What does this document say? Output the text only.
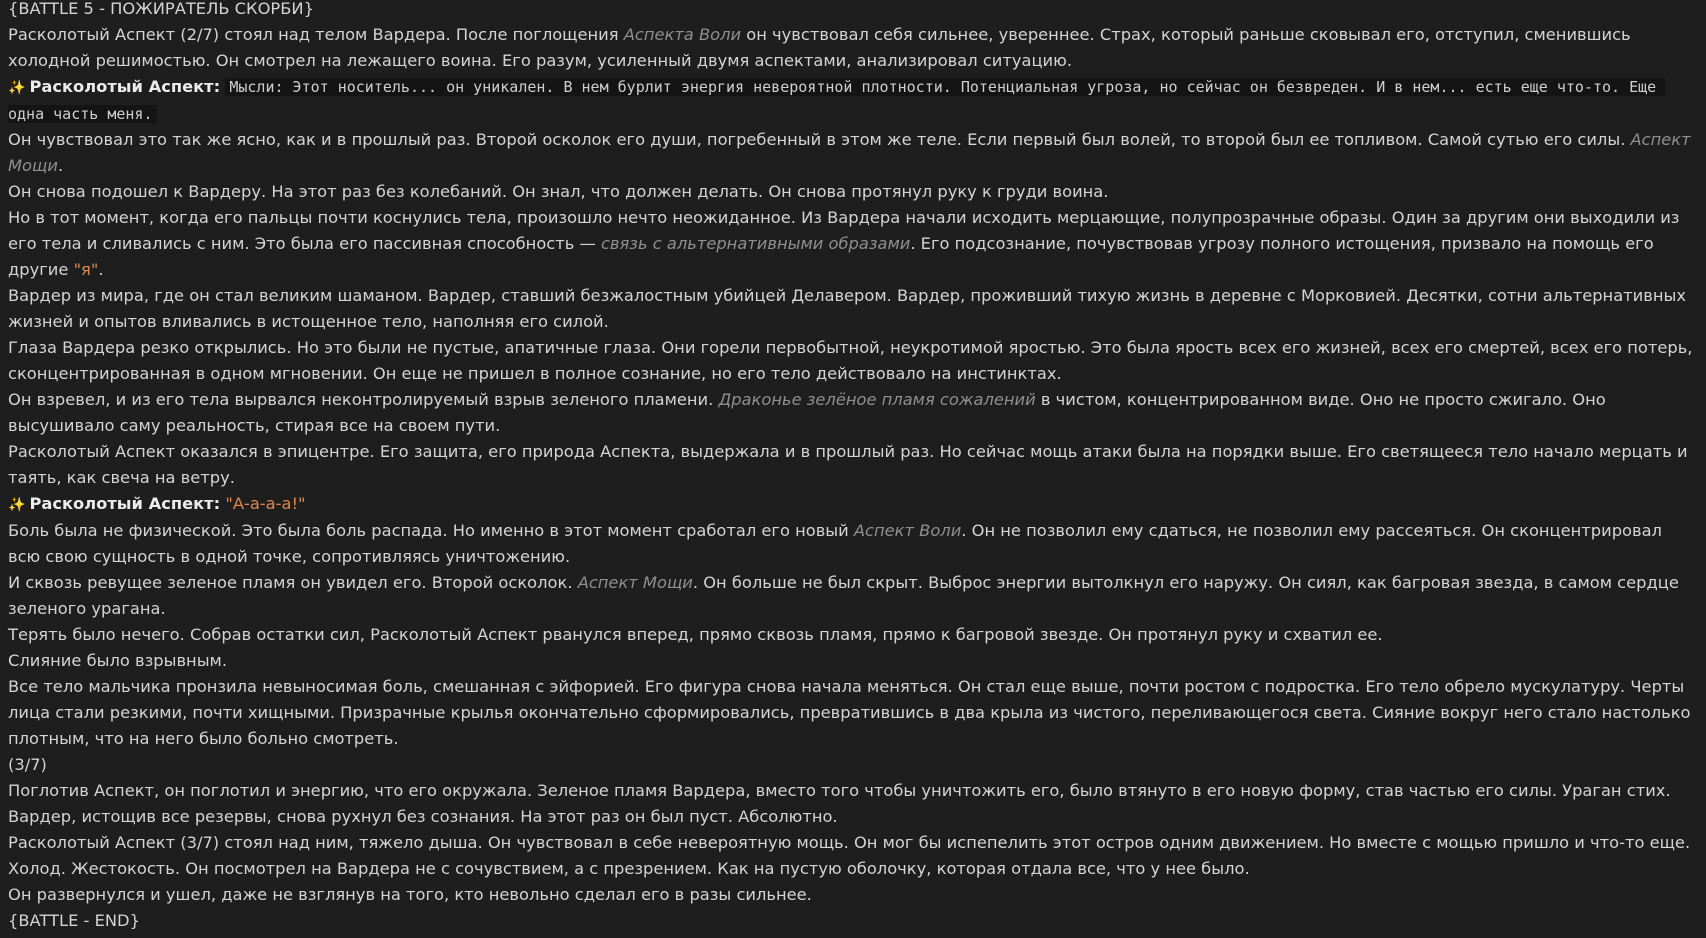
{BATTLE 5 - ПОЖИРАТЕЛЬ СКОРБИ}
Расколотый Аспект (2/7) стоял над телом Вардера. После поглощения Аспекта Воли он чувствовал себя сильнее, увереннее. Страх, который раньше сковывал его, отступил, сменившись холодной решимостью. Он смотрел на лежащего воина. Его разум, усиленный двумя аспектами, анализировал ситуацию.
✨ Расколотый Аспект: Мысли: Этот носитель... он уникален. В нем бурлит энергия невероятной плотности. Потенциальная угроза, но сейчас он безвреден. И в нем... есть еще что-то. Еще одна часть меня.
Он чувствовал это так же ясно, как и в прошлый раз. Второй осколок его души, погребенный в этом же теле. Если первый был волей, то второй был ее топливом. Самой сутью его силы. Аспект Мощи.
Он снова подошел к Вардеру. На этот раз без колебаний. Он знал, что должен делать. Он снова протянул руку к груди воина.
Но в тот момент, когда его пальцы почти коснулись тела, произошло нечто неожиданное. Из Вардера начали исходить мерцающие, полупрозрачные образы. Один за другим они выходили из его тела и сливались с ним. Это была его пассивная способность — связь с альтернативными образами. Его подсознание, почувствовав угрозу полного истощения, призвало на помощь его другие "я".
Вардер из мира, где он стал великим шаманом. Вардер, ставший безжалостным убийцей Делавером. Вардер, проживший тихую жизнь в деревне с Морковией. Десятки, сотни альтернативных жизней и опытов вливались в истощенное тело, наполняя его силой.
Глаза Вардера резко открылись. Но это были не пустые, апатичные глаза. Они горели первобытной, неукротимой яростью. Это была ярость всех его жизней, всех его смертей, всех его потерь, сконцентрированная в одном мгновении. Он еще не пришел в полное сознание, но его тело действовало на инстинктах.
Он взревел, и из его тела вырвался неконтролируемый взрыв зеленого пламени. Драконье зелёное пламя сожалений в чистом, концентрированном виде. Оно не просто сжигало. Оно высушивало саму реальность, стирая все на своем пути.
Расколотый Аспект оказался в эпицентре. Его защита, его природа Аспекта, выдержала и в прошлый раз. Но сейчас мощь атаки была на порядки выше. Его светящееся тело начало мерцать и таять, как свеча на ветру.
✨ Расколотый Аспект: "А-а-а-а!"
Боль была не физической. Это была боль распада. Но именно в этот момент сработал его новый Аспект Воли. Он не позволил ему сдаться, не позволил ему рассеяться. Он сконцентрировал всю свою сущность в одной точке, сопротивляясь уничтожению.
И сквозь ревущее зеленое пламя он увидел его. Второй осколок. Аспект Мощи. Он больше не был скрыт. Выброс энергии вытолкнул его наружу. Он сиял, как багровая звезда, в самом сердце зеленого урагана.
Терять было нечего. Собрав остатки сил, Расколотый Аспект рванулся вперед, прямо сквозь пламя, прямо к багровой звезде. Он протянул руку и схватил ее.
Слияние было взрывным.
Все тело мальчика пронзила невыносимая боль, смешанная с эйфорией. Его фигура снова начала меняться. Он стал еще выше, почти ростом с подростка. Его тело обрело мускулатуру. Черты лица стали резкими, почти хищными. Призрачные крылья окончательно сформировались, превратившись в два крыла из чистого, переливающегося света. Сияние вокруг него стало настолько плотным, что на него было больно смотреть.
(3/7)
Поглотив Аспект, он поглотил и энергию, что его окружала. Зеленое пламя Вардера, вместо того чтобы уничтожить его, было втянуто в его новую форму, став частью его силы. Ураган стих.
Вардер, истощив все резервы, снова рухнул без сознания. На этот раз он был пуст. Абсолютно.
Расколотый Аспект (3/7) стоял над ним, тяжело дыша. Он чувствовал в себе невероятную мощь. Он мог бы испепелить этот остров одним движением. Но вместе с мощью пришло и что-то еще.
Холод. Жестокость. Он посмотрел на Вардера не с сочувствием, а с презрением. Как на пустую оболочку, которая отдала все, что у нее было.
Он развернулся и ушел, даже не взглянув на того, кто невольно сделал его в разы сильнее.
{BATTLE - END}
